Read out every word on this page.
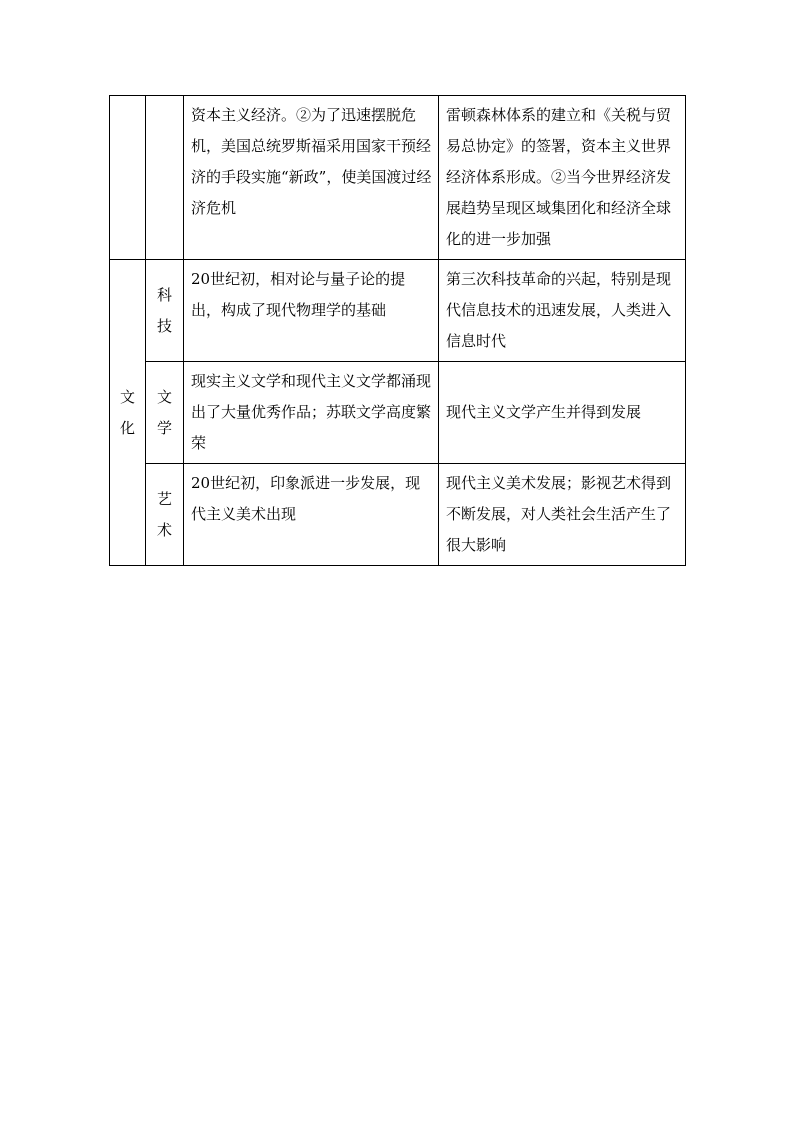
		资本主义经济。②为了迅速摆脱危机，美国总统罗斯福采用国家干预经济的手段实施“新政”，使美国渡过经济危机	雷顿森林体系的建立和《关税与贸易总协定》的签署，资本主义世界经济体系形成。②当今世界经济发展趋势呈现区域集团化和经济全球化的进一步加强
文化	科技	20世纪初，相对论与量子论的提出，构成了现代物理学的基础	第三次科技革命的兴起，特别是现代信息技术的迅速发展，人类进入信息时代
	文学	现实主义文学和现代主义文学都涌现出了大量优秀作品；苏联文学高度繁荣	现代主义文学产生并得到发展
	艺术	20世纪初，印象派进一步发展，现代主义美术出现	现代主义美术发展；影视艺术得到不断发展，对人类社会生活产生了很大影响
